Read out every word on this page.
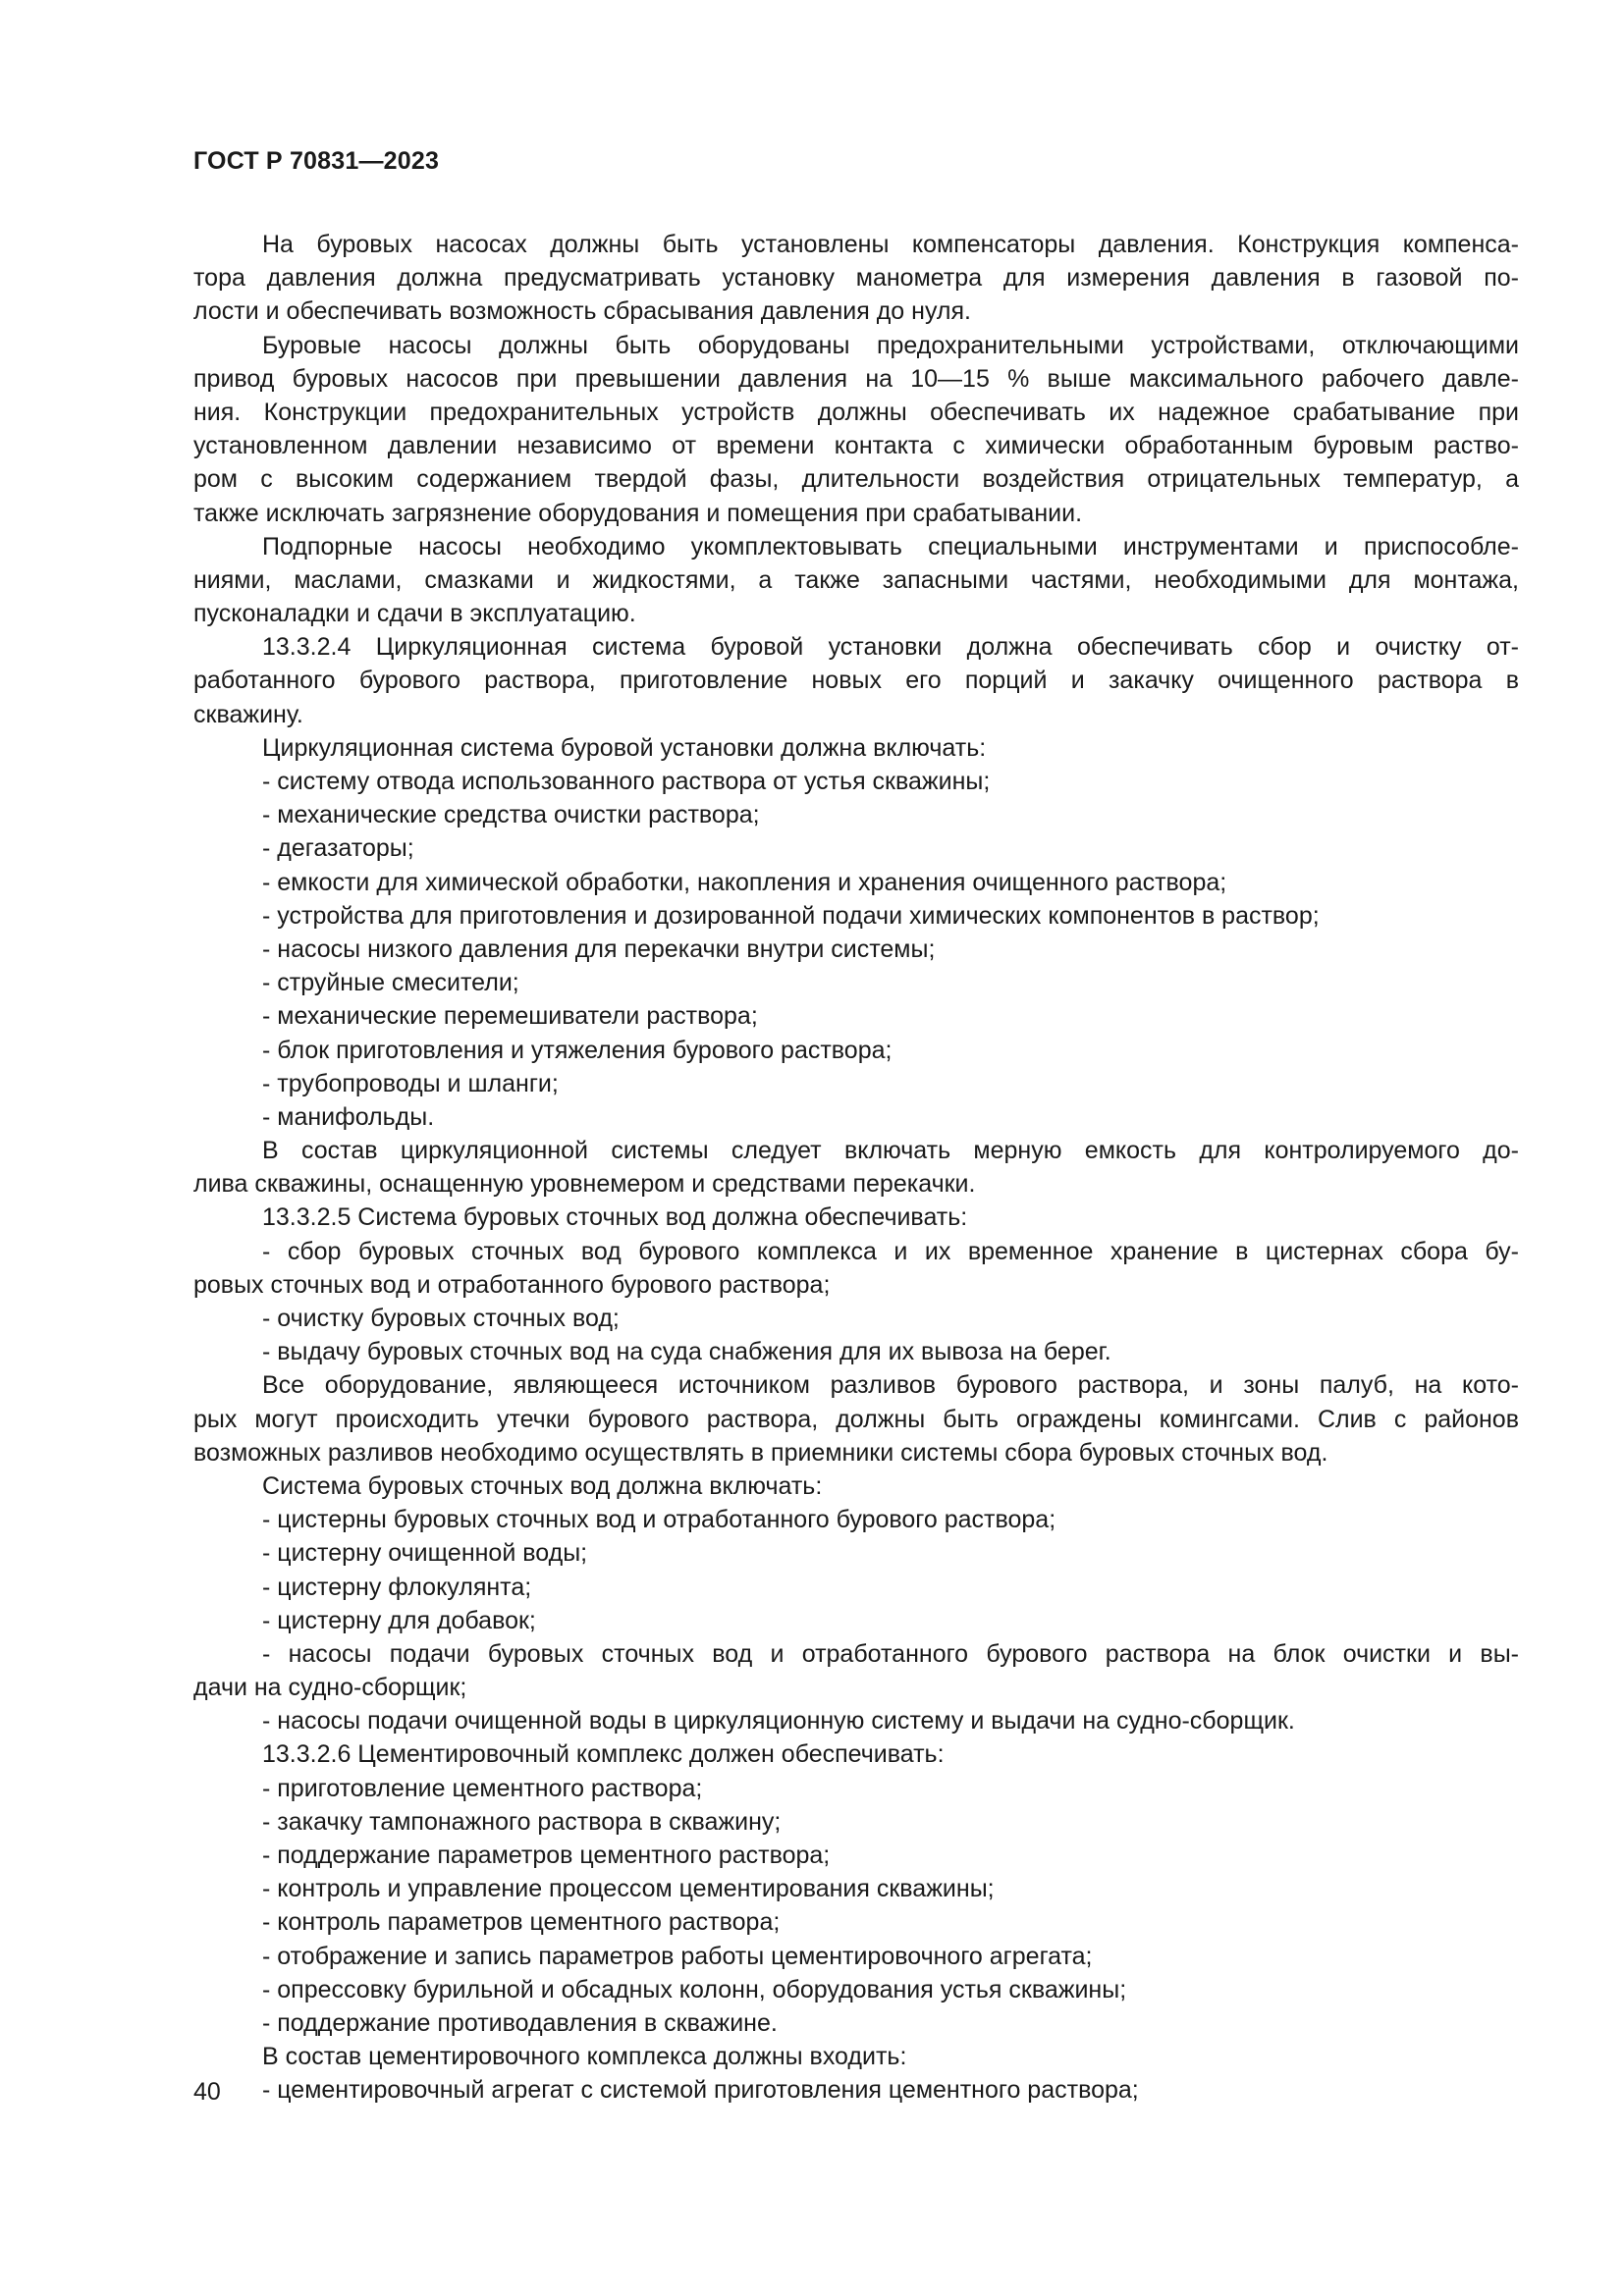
ГОСТ Р 70831—2023
На буровых насосах должны быть установлены компенсаторы давления. Конструкция компенса-
тора давления должна предусматривать установку манометра для измерения давления в газовой по-
лости и обеспечивать возможность сбрасывания давления до нуля.
Буровые насосы должны быть оборудованы предохранительными устройствами, отключающими
привод буровых насосов при превышении давления на 10—15 % выше максимального рабочего давле-
ния. Конструкции предохранительных устройств должны обеспечивать их надежное срабатывание при
установленном давлении независимо от времени контакта с химически обработанным буровым раство-
ром с высоким содержанием твердой фазы, длительности воздействия отрицательных температур, а
также исключать загрязнение оборудования и помещения при срабатывании.
Подпорные насосы необходимо укомплектовывать специальными инструментами и приспособле-
ниями, маслами, смазками и жидкостями, а также запасными частями, необходимыми для монтажа,
пусконаладки и сдачи в эксплуатацию.
13.3.2.4 Циркуляционная система буровой установки должна обеспечивать сбор и очистку от-
работанного бурового раствора, приготовление новых его порций и закачку очищенного раствора в
скважину.
Циркуляционная система буровой установки должна включать:
- систему отвода использованного раствора от устья скважины;
- механические средства очистки раствора;
- дегазаторы;
- емкости для химической обработки, накопления и хранения очищенного раствора;
- устройства для приготовления и дозированной подачи химических компонентов в раствор;
- насосы низкого давления для перекачки внутри системы;
- струйные смесители;
- механические перемешиватели раствора;
- блок приготовления и утяжеления бурового раствора;
- трубопроводы и шланги;
- манифольды.
В состав циркуляционной системы следует включать мерную емкость для контролируемого до-
лива скважины, оснащенную уровнемером и средствами перекачки.
13.3.2.5 Система буровых сточных вод должна обеспечивать:
- сбор буровых сточных вод бурового комплекса и их временное хранение в цистернах сбора бу-
ровых сточных вод и отработанного бурового раствора;
- очистку буровых сточных вод;
- выдачу буровых сточных вод на суда снабжения для их вывоза на берег.
Все оборудование, являющееся источником разливов бурового раствора, и зоны палуб, на кото-
рых могут происходить утечки бурового раствора, должны быть ограждены комингсами. Слив с районов
возможных разливов необходимо осуществлять в приемники системы сбора буровых сточных вод.
Система буровых сточных вод должна включать:
- цистерны буровых сточных вод и отработанного бурового раствора;
- цистерну очищенной воды;
- цистерну флокулянта;
- цистерну для добавок;
- насосы подачи буровых сточных вод и отработанного бурового раствора на блок очистки и вы-
дачи на судно-сборщик;
- насосы подачи очищенной воды в циркуляционную систему и выдачи на судно-сборщик.
13.3.2.6 Цементировочный комплекс должен обеспечивать:
- приготовление цементного раствора;
- закачку тампонажного раствора в скважину;
- поддержание параметров цементного раствора;
- контроль и управление процессом цементирования скважины;
- контроль параметров цементного раствора;
- отображение и запись параметров работы цементировочного агрегата;
- опрессовку бурильной и обсадных колонн, оборудования устья скважины;
- поддержание противодавления в скважине.
В состав цементировочного комплекса должны входить:
- цементировочный агрегат с системой приготовления цементного раствора;
40
